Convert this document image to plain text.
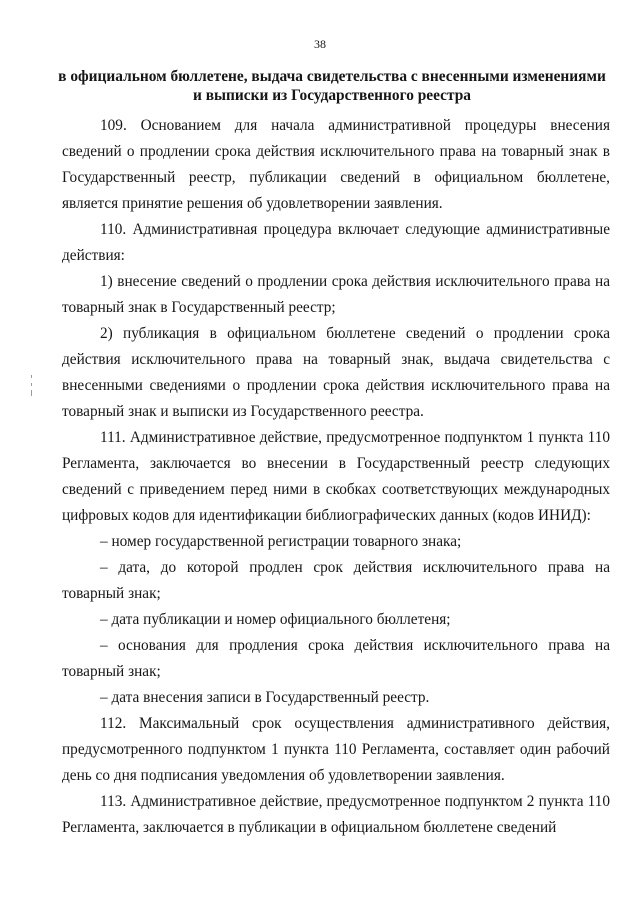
38
в официальном бюллетене, выдача свидетельства с внесенными изменениями
и выписки из Государственного реестра

109. Основанием для начала административной процедуры внесения сведений о продлении срока действия исключительного права на товарный знак в Государственный реестр, публикации сведений в официальном бюллетене, является принятие решения об удовлетворении заявления.

110. Административная процедура включает следующие административные действия:

1) внесение сведений о продлении срока действия исключительного права на товарный знак в Государственный реестр;

2) публикация в официальном бюллетене сведений о продлении срока действия исключительного права на товарный знак, выдача свидетельства с внесенными сведениями о продлении срока действия исключительного права на товарный знак и выписки из Государственного реестра.

111. Административное действие, предусмотренное подпунктом 1 пункта 110 Регламента, заключается во внесении в Государственный реестр следующих сведений с приведением перед ними в скобках соответствующих международных цифровых кодов для идентификации библиографических данных (кодов ИНИД):

– номер государственной регистрации товарного знака;

– дата, до которой продлен срок действия исключительного права на товарный знак;

– дата публикации и номер официального бюллетеня;

– основания для продления срока действия исключительного права на товарный знак;

– дата внесения записи в Государственный реестр.

112. Максимальный срок осуществления административного действия, предусмотренного подпунктом 1 пункта 110 Регламента, составляет один рабочий день со дня подписания уведомления об удовлетворении заявления.

113. Административное действие, предусмотренное подпунктом 2 пункта 110 Регламента, заключается в публикации в официальном бюллетене сведений
